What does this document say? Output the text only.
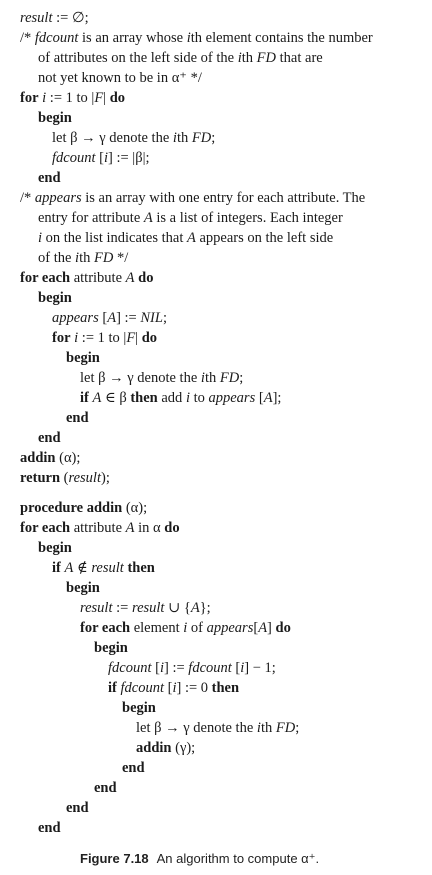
result := ∅;
/* fdcount is an array whose ith element contains the number
of attributes on the left side of the ith FD that are
not yet known to be in α⁺ */
for i := 1 to |F| do
begin
let β → γ denote the ith FD;
fdcount [i] := |β|;
end
/* appears is an array with one entry for each attribute. The
entry for attribute A is a list of integers. Each integer
i on the list indicates that A appears on the left side
of the ith FD */
for each attribute A do
begin
appears [A] := NIL;
for i := 1 to |F| do
begin
let β → γ denote the ith FD;
if A ∈ β then add i to appears [A];
end
end
addin (α);
return (result);
procedure addin (α);
for each attribute A in α do
begin
if A ∉ result then
begin
result := result ∪ {A};
for each element i of appears[A] do
begin
fdcount [i] := fdcount [i] − 1;
if fdcount [i] := 0 then
begin
let β → γ denote the ith FD;
addin (γ);
end
end
end
end
Figure 7.18 An algorithm to compute α⁺.
